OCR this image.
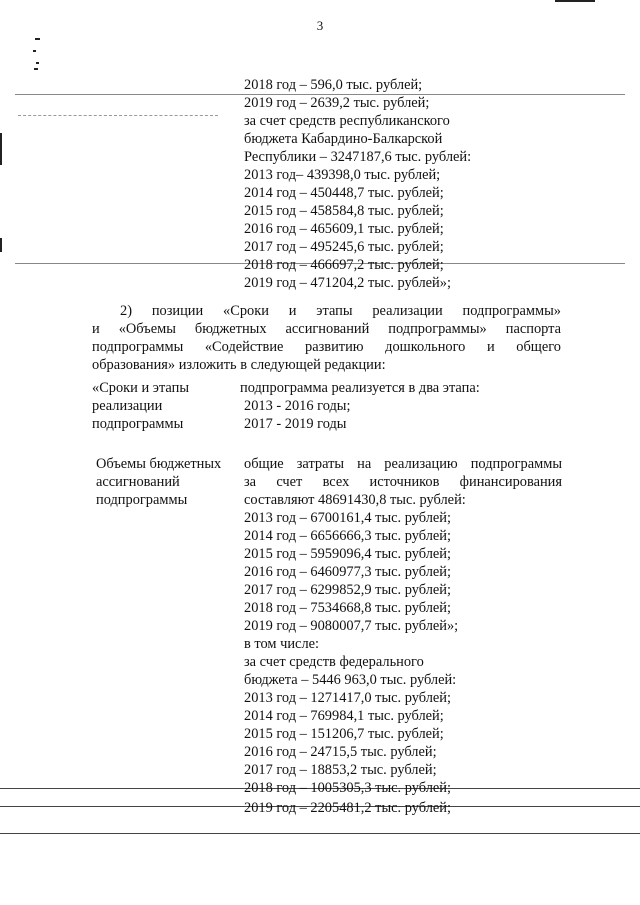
3
2018 год – 596,0 тыс. рублей;
2019 год – 2639,2 тыс. рублей;
за счет средств республиканского
бюджета Кабардино-Балкарской
Республики – 3247187,6 тыс. рублей:
2013 год– 439398,0 тыс. рублей;
2014 год – 450448,7 тыс. рублей;
2015 год – 458584,8 тыс. рублей;
2016 год – 465609,1 тыс. рублей;
2017 год – 495245,6 тыс. рублей;
2018 год – 466697,2 тыс. рублей;
2019 год – 471204,2 тыс. рублей»;
2) позиции «Сроки и этапы реализации подпрограммы»
и «Объемы бюджетных ассигнований подпрограммы» паспорта
подпрограммы «Содействие развитию дошкольного и общего
образования» изложить в следующей редакции:
«Сроки и этапы
реализации
подпрограммы
подпрограмма реализуется в два этапа:
2013 - 2016 годы;
2017 - 2019 годы
Объемы бюджетных
ассигнований
подпрограммы
общие затраты на реализацию подпрограммы
за счет всех источников финансирования
составляют 48691430,8 тыс. рублей:
2013 год – 6700161,4 тыс. рублей;
2014 год – 6656666,3 тыс. рублей;
2015 год – 5959096,4 тыс. рублей;
2016 год – 6460977,3 тыс. рублей;
2017 год – 6299852,9 тыс. рублей;
2018 год – 7534668,8 тыс. рублей;
2019 год – 9080007,7 тыс. рублей»;
в том числе:
за счет средств федерального
бюджета – 5446 963,0 тыс. рублей:
2013 год – 1271417,0 тыс. рублей;
2014 год – 769984,1 тыс. рублей;
2015 год – 151206,7 тыс. рублей;
2016 год – 24715,5 тыс. рублей;
2017 год – 18853,2 тыс. рублей;
2018 год – 1005305,3 тыс. рублей;
2019 год – 2205481,2 тыс. рублей;
